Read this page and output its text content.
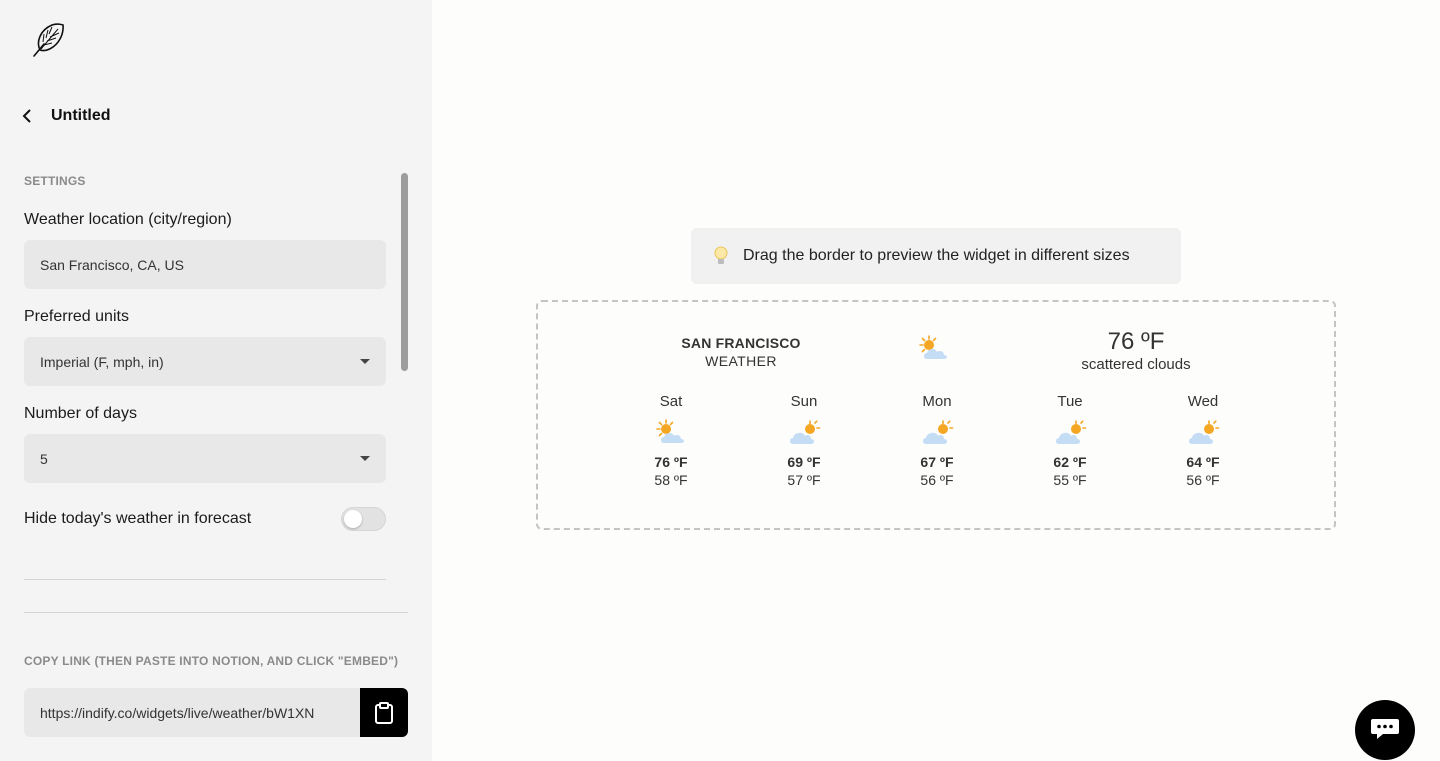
Untitled
SETTINGS
Weather location (city/region)
San Francisco, CA, US
Preferred units
Imperial (F, mph, in)
Number of days
5
Hide today's weather in forecast
COPY LINK (THEN PASTE INTO NOTION, AND CLICK "EMBED")
https://indify.co/widgets/live/weather/bW1XN
Drag the border to preview the widget in different sizes
SAN FRANCISCO
WEATHER
76 ºF
scattered clouds
Sat
76 ºF
58 ºF
Sun
69 ºF
57 ºF
Mon
67 ºF
56 ºF
Tue
62 ºF
55 ºF
Wed
64 ºF
56 ºF
